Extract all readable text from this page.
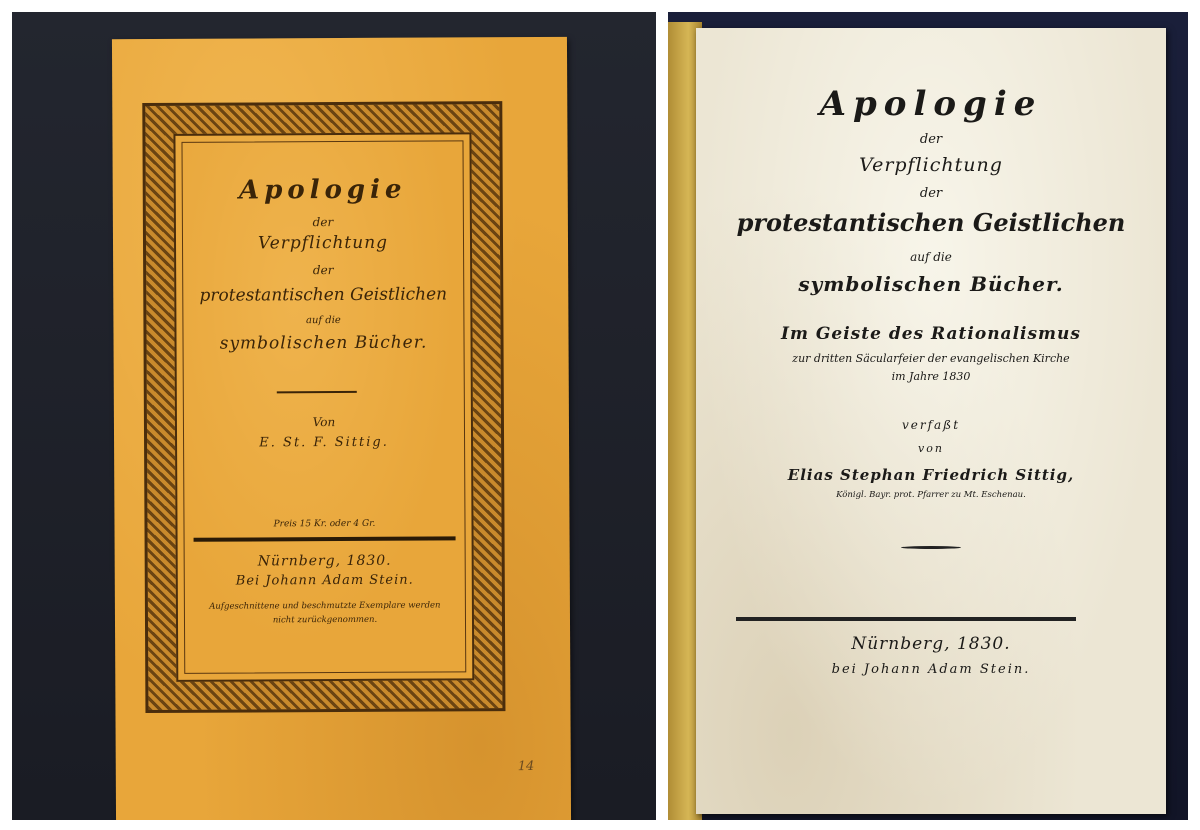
Apologie
der
Verpflichtung
der
protestantischen Geistlichen
auf die
symbolischen Bücher.
Von
E. St. F. Sittig.
Preis 15 Kr. oder 4 Gr.
Nürnberg, 1830.
Bei Johann Adam Stein.
Aufgeschnittene und beschmutzte Exemplare werden
nicht zurückgenommen.
14
Apologie
der
Verpflichtung
der
protestantischen Geistlichen
auf die
symbolischen Bücher.
Im Geiste des Rationalismus
zur dritten Säcularfeier der evangelischen Kirche
im Jahre 1830
verfaßt
von
Elias Stephan Friedrich Sittig,
Königl. Bayr. prot. Pfarrer zu Mt. Eschenau.
Nürnberg, 1830.
bei Johann Adam Stein.
